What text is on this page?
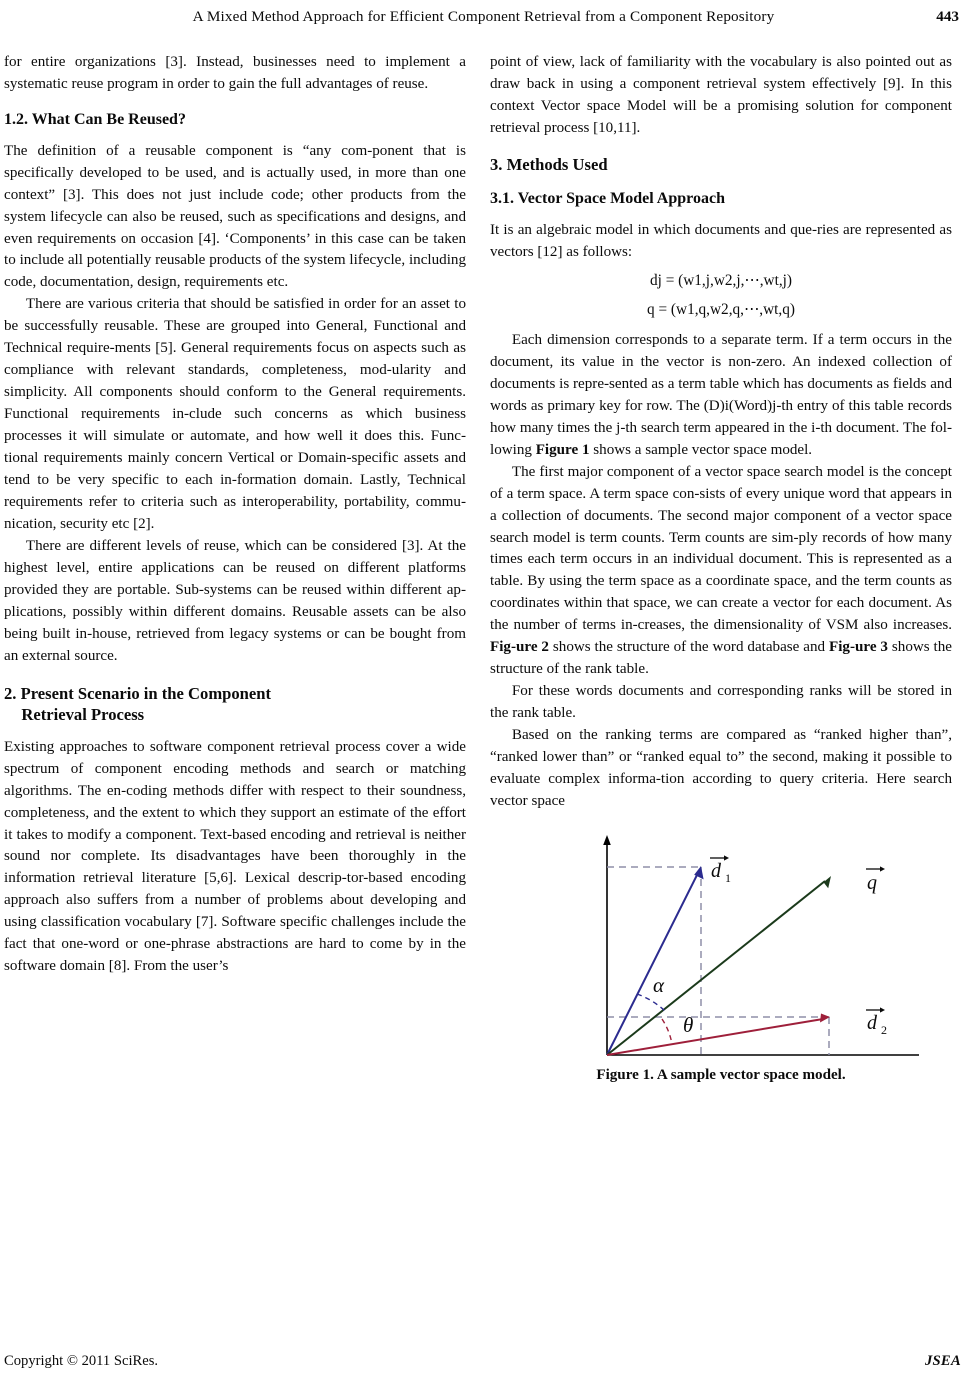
A Mixed Method Approach for Efficient Component Retrieval from a Component Repository	443

for entire organizations [3]. Instead, businesses need to implement a systematic reuse program in order to gain the full advantages of reuse.

1.2. What Can Be Reused?

The definition of a reusable component is “any com-ponent that is specifically developed to be used, and is actually used, in more than one context” [3]. This does not just include code; other products from the system lifecycle can also be reused, such as specifications and designs, and even requirements on occasion [4]. ‘Components’ in this case can be taken to include all potentially reusable products of the system lifecycle, including code, documentation, design, requirements etc.

There are various criteria that should be satisfied in order for an asset to be successfully reusable. These are grouped into General, Functional and Technical require-ments [5]. General requirements focus on aspects such as compliance with relevant standards, completeness, mod-ularity and simplicity. All components should conform to the General requirements. Functional requirements in-clude such concerns as which business processes it will simulate or automate, and how well it does this. Func-tional requirements mainly concern Vertical or Domain-specific assets and tend to be very specific to each in-formation domain. Lastly, Technical requirements refer to criteria such as interoperability, portability, commu-nication, security etc [2].

There are different levels of reuse, which can be considered [3]. At the highest level, entire applications can be reused on different platforms provided they are portable. Sub-systems can be reused within different ap-plications, possibly within different domains. Reusable assets can be also being built in-house, retrieved from legacy systems or can be bought from an external source.

2. Present Scenario in the Component
Retrieval Process

Existing approaches to software component retrieval process cover a wide spectrum of component encoding methods and search or matching algorithms. The en-coding methods differ with respect to their soundness, completeness, and the extent to which they support an estimate of the effort it takes to modify a component. Text-based encoding and retrieval is neither sound nor complete. Its disadvantages have been thoroughly in the information retrieval literature [5,6]. Lexical descrip-tor-based encoding approach also suffers from a number of problems about developing and using classification vocabulary [7]. Software specific challenges include the fact that one-word or one-phrase abstractions are hard to come by in the software domain [8]. From the user’s

point of view, lack of familiarity with the vocabulary is also pointed out as draw back in using a component retrieval system effectively [9]. In this context Vector space Model will be a promising solution for component retrieval process [10,11].

3. Methods Used
3.1. Vector Space Model Approach

It is an algebraic model in which documents and que-ries are represented as vectors [12] as follows:

dj = (w1,j,w2,j,⋯,wt,j)
q = (w1,q,w2,q,⋯,wt,q)

Each dimension corresponds to a separate term. If a term occurs in the document, its value in the vector is non-zero. An indexed collection of documents is repre-sented as a term table which has documents as fields and words as primary key for row. The (D)i(Word)j-th entry of this table records how many times the j-th search term appeared in the i-th document. The fol-lowing Figure 1 shows a sample vector space model.

The first major component of a vector space search model is the concept of a term space. A term space con-sists of every unique word that appears in a collection of documents. The second major component of a vector space search model is term counts. Term counts are sim-ply records of how many times each term occurs in an individual document. This is represented as a table. By using the term space as a coordinate space, and the term counts as coordinates within that space, we can create a vector for each document. As the number of terms in-creases, the dimensionality of VSM also increases. Fig-ure 2 shows the structure of the word database and Fig-ure 3 shows the structure of the rank table.

For these words documents and corresponding ranks will be stored in the rank table.

Based on the ranking terms are compared as “ranked higher than”, “ranked lower than” or “ranked equal to” the second, making it possible to evaluate complex informa-tion according to query criteria. Here search vector space

d 1	q
d 2
α
θ
Figure 1. A sample vector space model.
Copyright © 2011 SciRes.	JSEA
